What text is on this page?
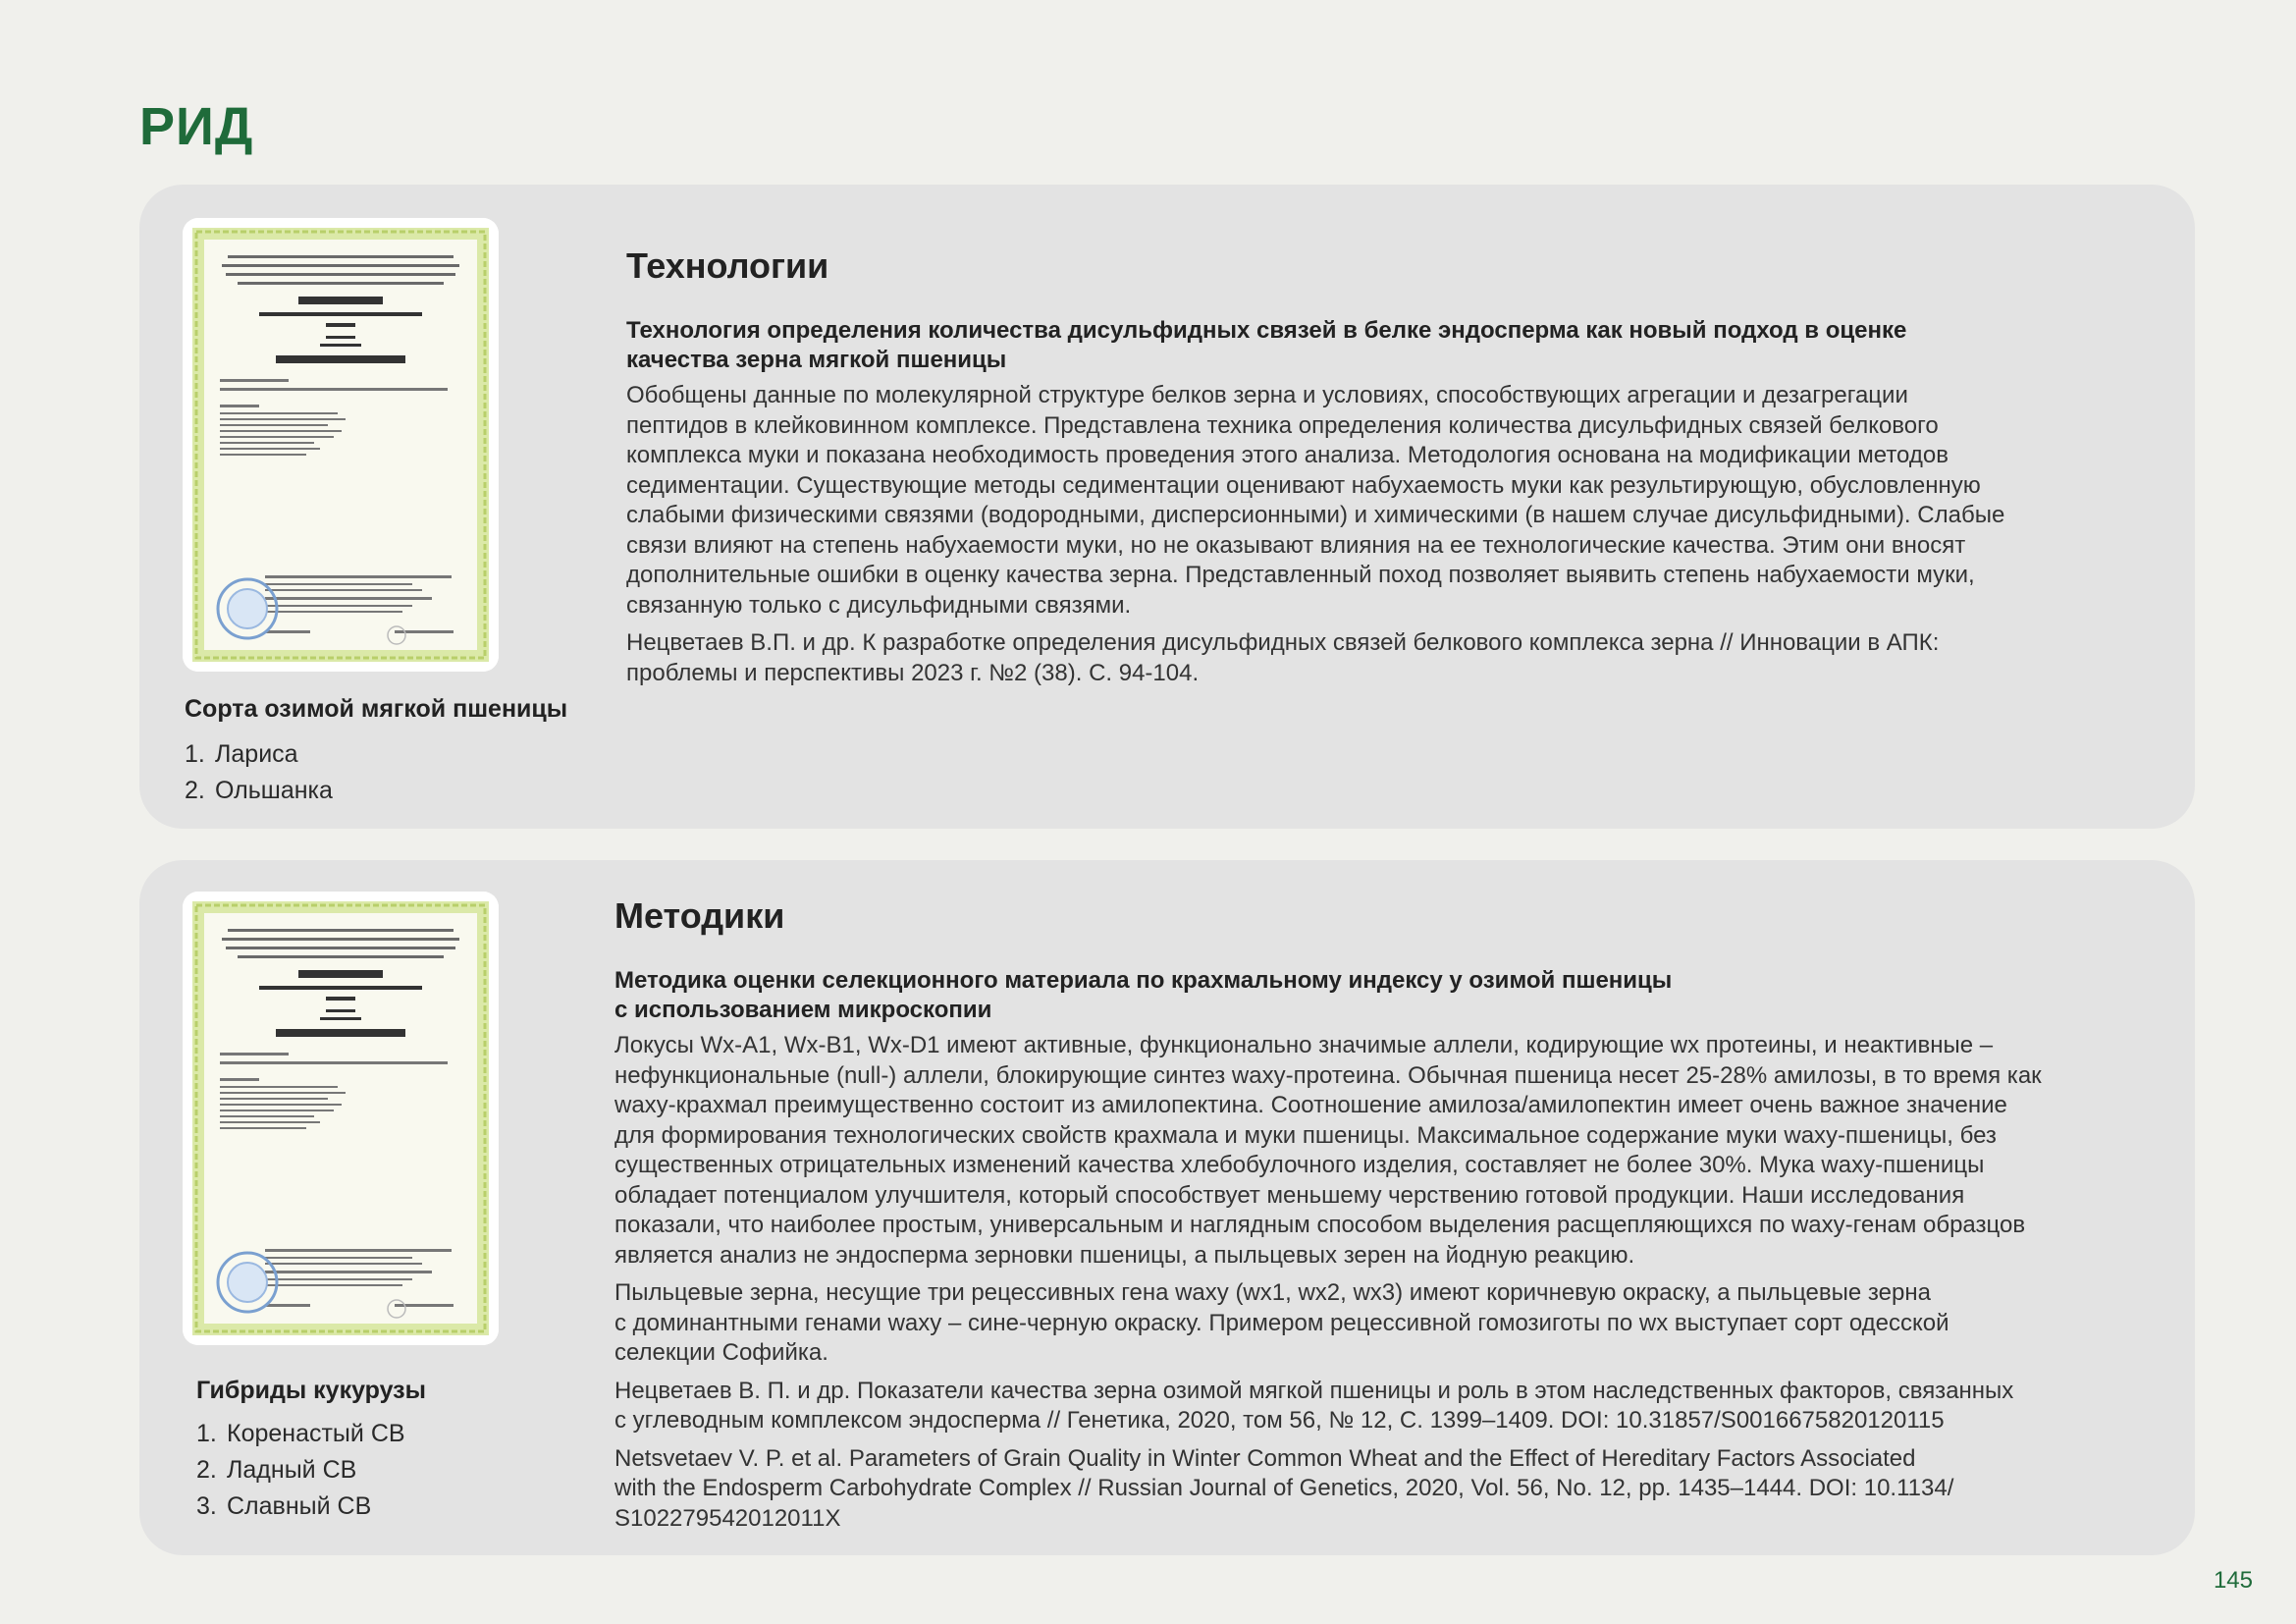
РИД
Сорта озимой мягкой пшеницы
1. Лариса
2. Ольшанка
Технологии
Технология определения количества дисульфидных связей в белке эндосперма как новый подход в оценке
качества зерна мягкой пшеницы
Обобщены данные по молекулярной структуре белков зерна и условиях, способствующих агрегации и дезагрегации
пептидов в клейковинном комплексе. Представлена техника определения количества дисульфидных связей белкового
комплекса муки и показана необходимость проведения этого анализа. Методология основана на модификации методов
седиментации. Существующие методы седиментации оценивают набухаемость муки как результирующую, обусловленную
слабыми физическими связями (водородными, дисперсионными) и химическими (в нашем случае дисульфидными). Слабые
связи влияют на степень набухаемости муки, но не оказывают влияния на ее технологические качества. Этим они вносят
дополнительные ошибки в оценку качества зерна. Представленный поход позволяет выявить степень набухаемости муки,
связанную только с дисульфидными связями.
Нецветаев В.П. и др. К разработке определения дисульфидных связей белкового комплекса зерна // Инновации в АПК:
проблемы и перспективы 2023 г. №2 (38). С. 94-104.
Гибриды кукурузы
1. Коренастый СВ
2. Ладный СВ
3. Славный СВ
Методики
Методика оценки селекционного материала по крахмальному индексу у озимой пшеницы
с использованием микроскопии
Локусы Wx-A1, Wx-B1, Wx-D1 имеют активные, функционально значимые аллели, кодирующие wx протеины, и неактивные –
нефункциональные (null-) аллели, блокирующие синтез waxy-протеина. Обычная пшеница несет 25-28% амилозы, в то время как
waxy-крахмал преимущественно состоит из амилопектина. Соотношение амилоза/амилопектин имеет очень важное значение
для формирования технологических свойств крахмала и муки пшеницы. Максимальное содержание муки waxy-пшеницы, без
существенных отрицательных изменений качества хлебобулочного изделия, составляет не более 30%. Мука waxy-пшеницы
обладает потенциалом улучшителя, который способствует меньшему черствению готовой продукции. Наши исследования
показали, что наиболее простым, универсальным и наглядным способом выделения расщепляющихся по waxy-генам образцов
является анализ не эндосперма зерновки пшеницы, а пыльцевых зерен на йодную реакцию.
Пыльцевые зерна, несущие три рецессивных гена waxy (wx1, wx2, wx3) имеют коричневую окраску, а пыльцевые зерна
с доминантными генами waxy – сине-черную окраску. Примером рецессивной гомозиготы по wx выступает сорт одесской
селекции Софийка.
Нецветаев В. П. и др. Показатели качества зерна озимой мягкой пшеницы и роль в этом наследственных факторов, связанных
с углеводным комплексом эндосперма // Генетика, 2020, том 56, № 12, С. 1399–1409. DOI: 10.31857/S0016675820120115
Netsvetaev V. P. et al. Parameters of Grain Quality in Winter Common Wheat and the Effect of Hereditary Factors Associated
with the Endosperm Carbohydrate Complex // Russian Journal of Genetics, 2020, Vol. 56, No. 12, pp. 1435–1444. DOI: 10.1134/
S102279542012011X
145
